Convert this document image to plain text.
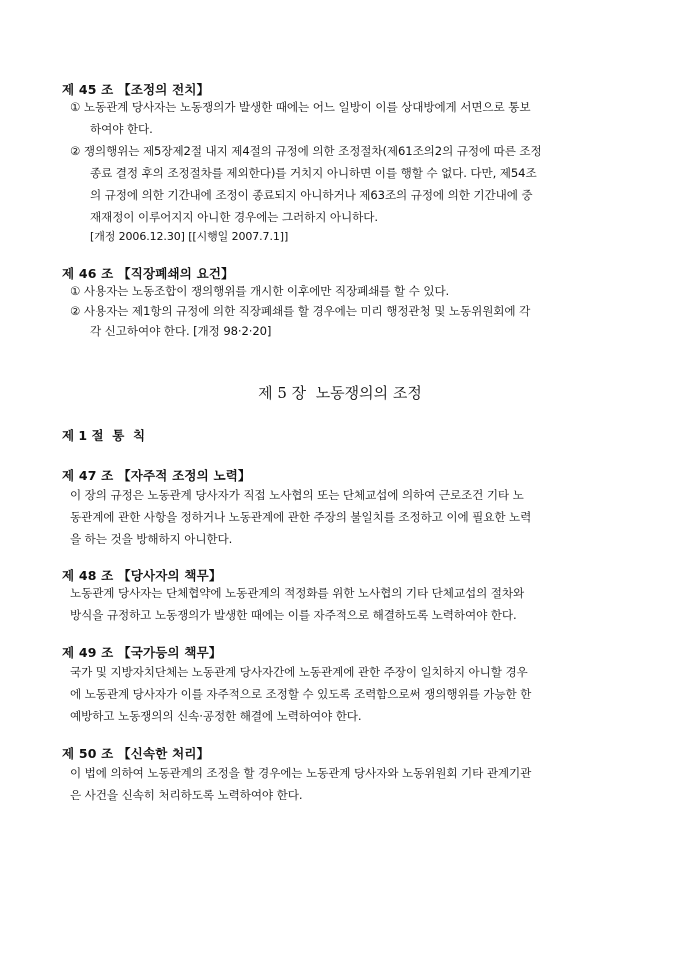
제 45 조 【조정의 전치】
① 노동관계 당사자는 노동쟁의가 발생한 때에는 어느 일방이 이를 상대방에게 서면으로 통보
하여야 한다.
② 쟁의행위는 제5장제2절 내지 제4절의 규정에 의한 조정절차(제61조의2의 규정에 따른 조정
종료 결정 후의 조정절차를 제외한다)를 거치지 아니하면 이를 행할 수 없다. 다만, 제54조
의 규정에 의한 기간내에 조정이 종료되지 아니하거나 제63조의 규정에 의한 기간내에 중
재재정이 이루어지지 아니한 경우에는 그러하지 아니하다.
[개정 2006.12.30] [[시행일 2007.7.1]]
제 46 조 【직장폐쇄의 요건】
① 사용자는 노동조합이 쟁의행위를 개시한 이후에만 직장폐쇄를 할 수 있다.
② 사용자는 제1항의 규정에 의한 직장폐쇄를 할 경우에는 미리 행정관청 및 노동위원회에 각
각 신고하여야 한다. [개정 98·2·20]
제 5 장  노동쟁의의 조정
제 1 절  통  칙
제 47 조 【자주적 조정의 노력】
이 장의 규정은 노동관계 당사자가 직접 노사협의 또는 단체교섭에 의하여 근로조건 기타 노
동관계에 관한 사항을 정하거나 노동관계에 관한 주장의 불일치를 조정하고 이에 필요한 노력
을 하는 것을 방해하지 아니한다.
제 48 조 【당사자의 책무】
노동관계 당사자는 단체협약에 노동관계의 적정화를 위한 노사협의 기타 단체교섭의 절차와
방식을 규정하고 노동쟁의가 발생한 때에는 이를 자주적으로 해결하도록 노력하여야 한다.
제 49 조 【국가등의 책무】
국가 및 지방자치단체는 노동관계 당사자간에 노동관계에 관한 주장이 일치하지 아니할 경우
에 노동관계 당사자가 이를 자주적으로 조정할 수 있도록 조력함으로써 쟁의행위를 가능한 한
예방하고 노동쟁의의 신속·공정한 해결에 노력하여야 한다.
제 50 조 【신속한 처리】
이 법에 의하여 노동관계의 조정을 할 경우에는 노동관계 당사자와 노동위원회 기타 관계기관
은 사건을 신속히 처리하도록 노력하여야 한다.
